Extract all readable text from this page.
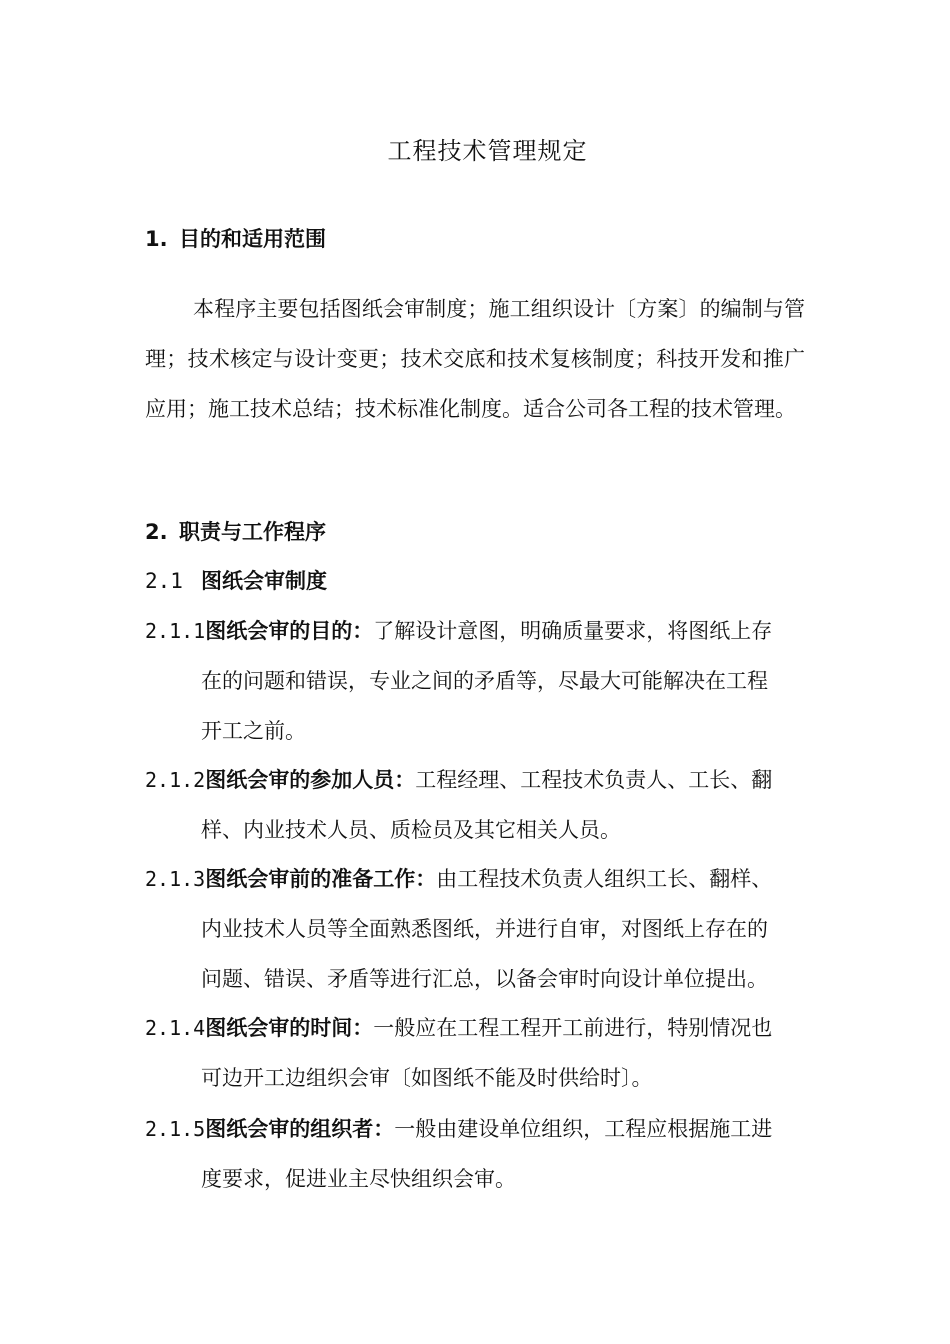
工程技术管理规定
1. 目的和适用范围
本程序主要包括图纸会审制度；施工组织设计〔方案〕的编制与管理；技术核定与设计变更；技术交底和技术复核制度；科技开发和推广应用；施工技术总结；技术标准化制度。适合公司各工程的技术管理。
2. 职责与工作程序
2.1 图纸会审制度
2.1.1图纸会审的目的：了解设计意图，明确质量要求，将图纸上存
在的问题和错误，专业之间的矛盾等，尽最大可能解决在工程
开工之前。
2.1.2图纸会审的参加人员：工程经理、工程技术负责人、工长、翻
样、内业技术人员、质检员及其它相关人员。
2.1.3图纸会审前的准备工作：由工程技术负责人组织工长、翻样、
内业技术人员等全面熟悉图纸，并进行自审，对图纸上存在的
问题、错误、矛盾等进行汇总，以备会审时向设计单位提出。
2.1.4图纸会审的时间：一般应在工程工程开工前进行，特别情况也
可边开工边组织会审〔如图纸不能及时供给时〕。
2.1.5图纸会审的组织者：一般由建设单位组织，工程应根据施工进
度要求，促进业主尽快组织会审。
